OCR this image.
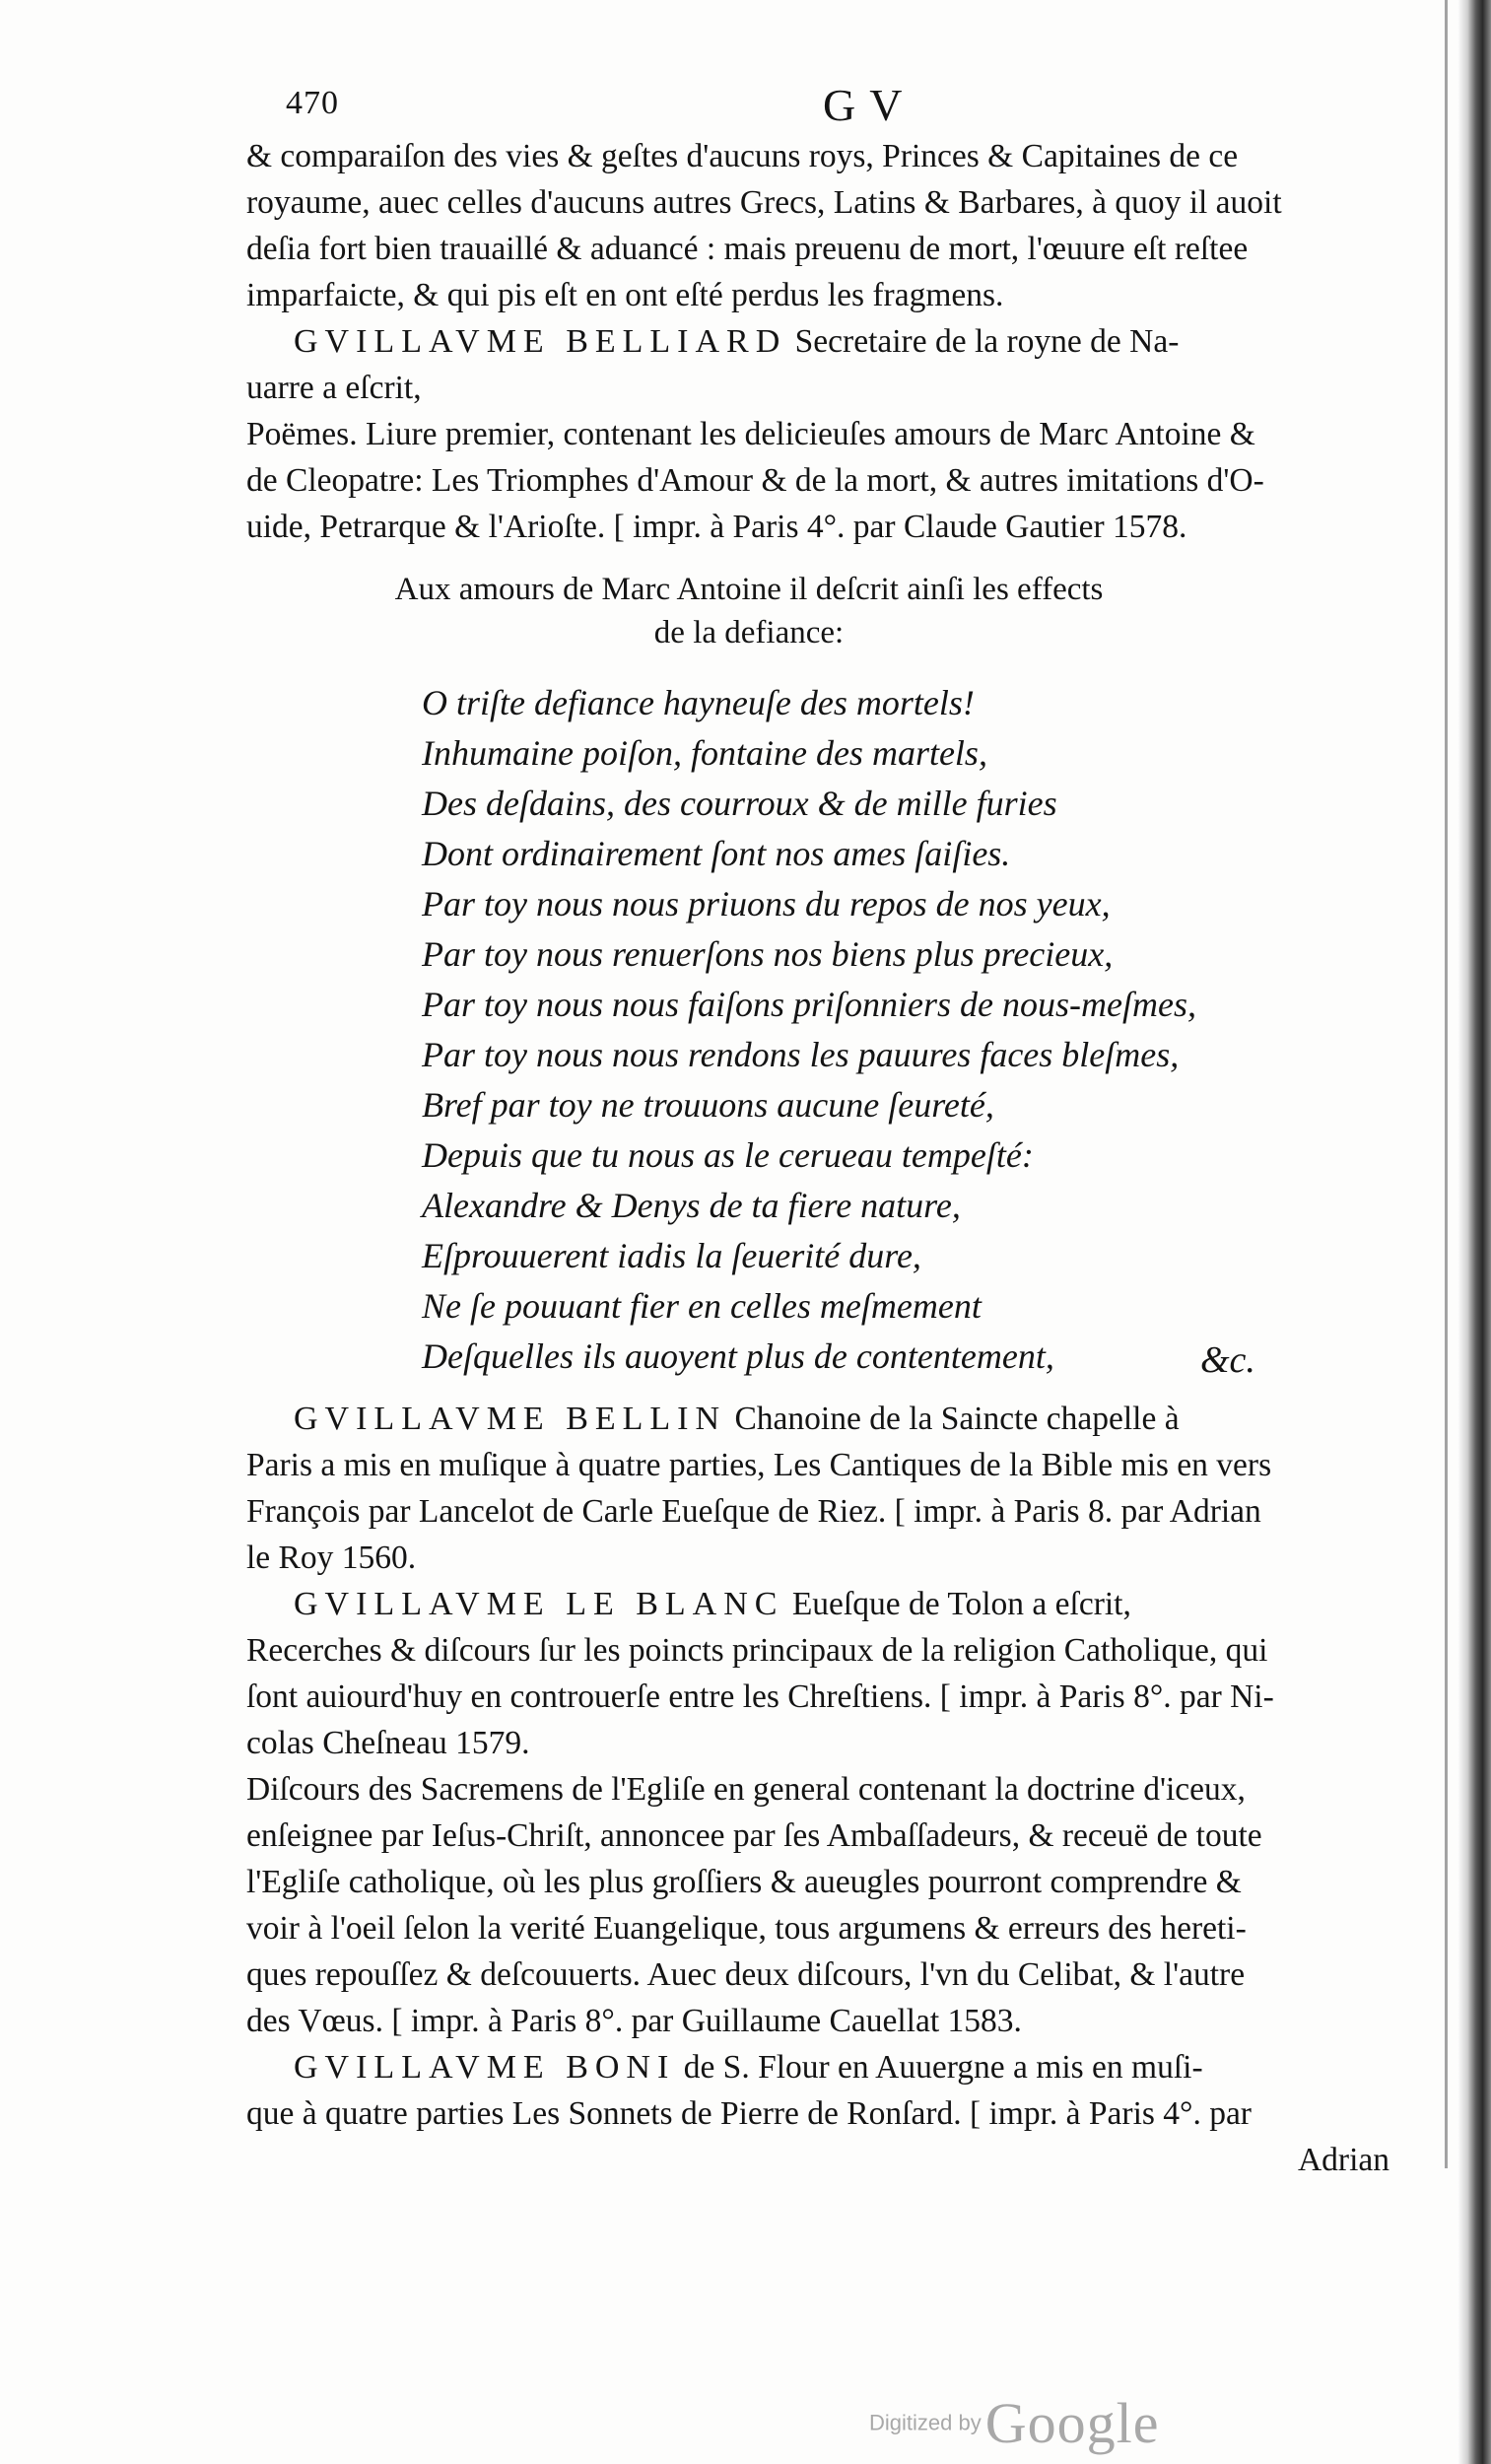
470	GV

& comparaiſon des vies & geſtes d'aucuns roys, Princes & Capitaines de ce

royaume, auec celles d'aucuns autres Grecs, Latins & Barbares, à quoy il auoit

deſia fort bien trauaillé & aduancé : mais preuenu de mort, l'œuure eſt reſtee

imparfaicte, & qui pis eſt en ont eſté perdus les fragmens.

GVILLAVME BELLIARD Secretaire de la royne de Na-

uarre a eſcrit,

Poëmes. Liure premier, contenant les delicieuſes amours de Marc Antoine &

de Cleopatre: Les Triomphes d'Amour & de la mort, & autres imitations d'O-

uide, Petrarque & l'Arioſte. [ impr. à Paris 4°. par Claude Gautier 1578.

Aux amours de Marc Antoine il deſcrit ainſi les effects

de la defiance:

O triſte defiance hayneuſe des mortels!

Inhumaine poiſon, fontaine des martels,

Des deſdains, des courroux & de mille furies

Dont ordinairement ſont nos ames ſaiſies.

Par toy nous nous priuons du repos de nos yeux,

Par toy nous renuerſons nos biens plus precieux,

Par toy nous nous faiſons priſonniers de nous-meſmes,

Par toy nous nous rendons les pauures faces bleſmes,

Bref par toy ne trouuons aucune ſeureté,

Depuis que tu nous as le cerueau tempeſté:

Alexandre & Denys de ta fiere nature,

Eſprouuerent iadis la ſeuerité dure,

Ne ſe pouuant fier en celles meſmement

Deſquelles ils auoyent plus de contentement,	&c.

GVILLAVME BELLIN Chanoine de la Saincte chapelle à

Paris a mis en muſique à quatre parties, Les Cantiques de la Bible mis en vers

François par Lancelot de Carle Eueſque de Riez. [ impr. à Paris 8. par Adrian

le Roy 1560.

GVILLAVME LE BLANC Eueſque de Tolon a eſcrit,

Recerches & diſcours ſur les poincts principaux de la religion Catholique, qui

ſont auiourd'huy en controuerſe entre les Chreſtiens. [ impr. à Paris 8°. par Ni-

colas Cheſneau 1579.

Diſcours des Sacremens de l'Egliſe en general contenant la doctrine d'iceux,

enſeignee par Ieſus-Chriſt, annoncee par ſes Ambaſſadeurs, & receuë de toute

l'Egliſe catholique, où les plus groſſiers & aueugles pourront comprendre &

voir à l'oeil ſelon la verité Euangelique, tous argumens & erreurs des hereti-

ques repouſſez & deſcouuerts. Auec deux diſcours, l'vn du Celibat, & l'autre

des Vœus. [ impr. à Paris 8°. par Guillaume Cauellat 1583.

GVILLAVME BONI de S. Flour en Auuergne a mis en muſi-

que à quatre parties Les Sonnets de Pierre de Ronſard. [ impr. à Paris 4°. par

Adrian

Digitized by Google
